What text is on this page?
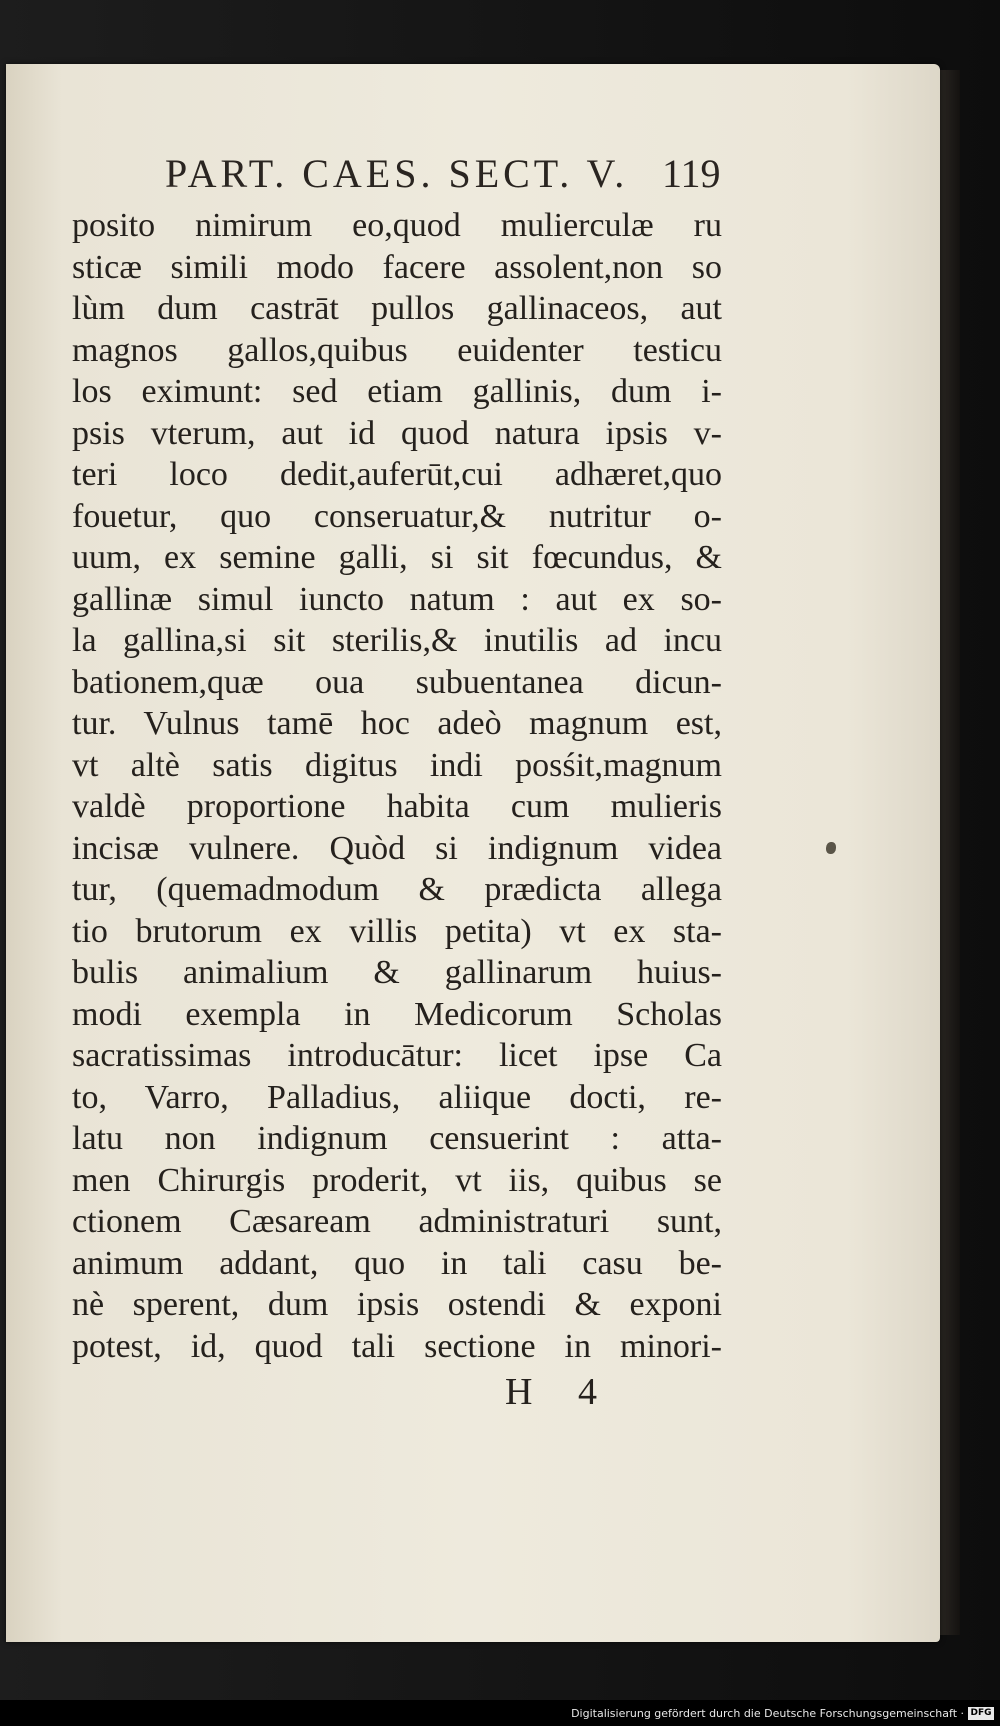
PART. CAES. SECT. V. 119
posito nimirum eo,quod mulierculæ ru
sticæ simili modo facere assolent,non so
lùm dum castrāt pullos gallinaceos, aut
magnos gallos,quibus euidenter testicu
los eximunt: sed etiam gallinis, dum i-
psis vterum, aut id quod natura ipsis v-
teri loco dedit,auferūt,cui adhæret,quo
fouetur, quo conseruatur,& nutritur o-
uum, ex semine galli, si sit fœcundus, &
gallinæ simul iuncto natum : aut ex so-
la gallina,si sit sterilis,& inutilis ad incu
bationem,quæ oua subuentanea dicun-
tur. Vulnus tamē hoc adeò magnum est,
vt altè satis digitus indi posśit,magnum
valdè proportione habita cum mulieris
incisæ vulnere. Quòd si indignum videa
tur, (quemadmodum & prædicta allega
tio brutorum ex villis petita) vt ex sta-
bulis animalium & gallinarum huius-
modi exempla in Medicorum Scholas
sacratissimas introducātur: licet ipse Ca
to, Varro, Palladius, aliique docti, re-
latu non indignum censuerint : atta-
men Chirurgis proderit, vt iis, quibus se
ctionem Cæsaream administraturi sunt,
animum addant, quo in tali casu be-
nè sperent, dum ipsis ostendi & exponi
potest, id, quod tali sectione in minori-
H 4
Digitalisierung gefördert durch die Deutsche Forschungsgemeinschaft · DFG
